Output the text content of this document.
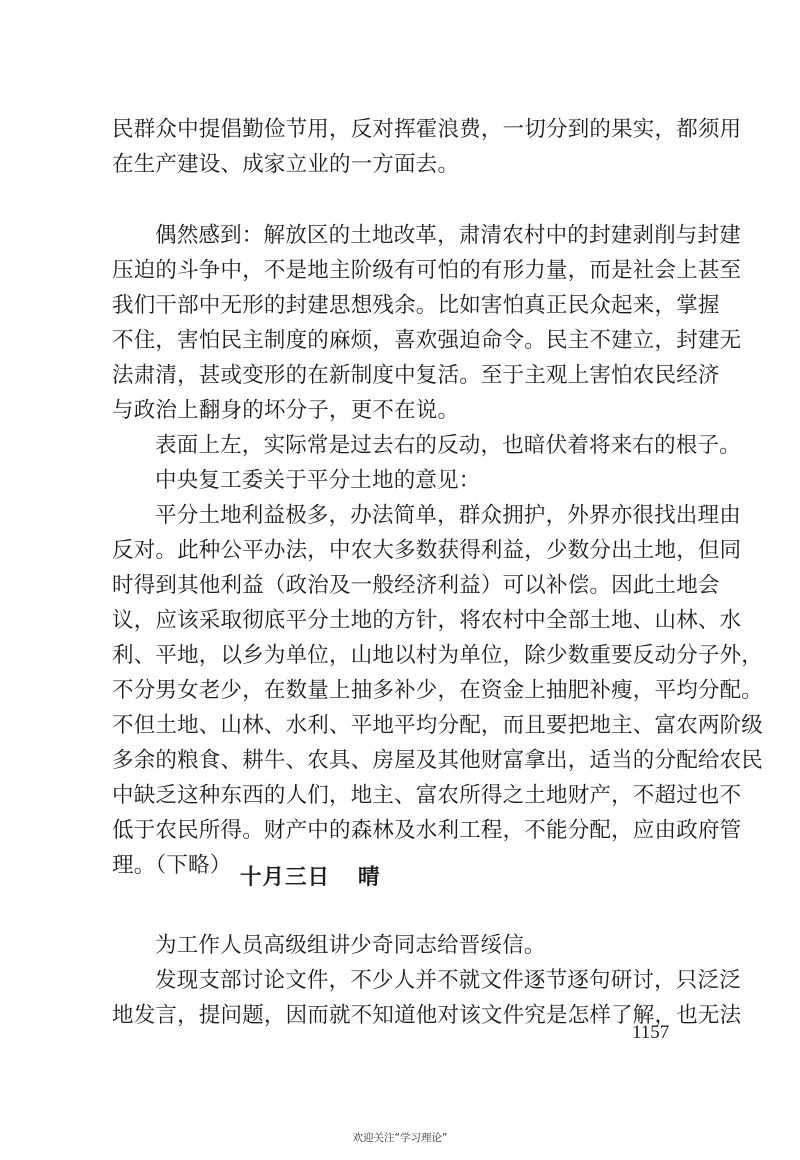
民群众中提倡勤俭节用，反对挥霍浪费，一切分到的果实，都须用
在生产建设、成家立业的一方面去。
偶然感到：解放区的土地改革，肃清农村中的封建剥削与封建
压迫的斗争中，不是地主阶级有可怕的有形力量，而是社会上甚至
我们干部中无形的封建思想残余。比如害怕真正民众起来，掌握
不住，害怕民主制度的麻烦，喜欢强迫命令。民主不建立，封建无
法肃清，甚或变形的在新制度中复活。至于主观上害怕农民经济
与政治上翻身的坏分子，更不在说。
表面上左，实际常是过去右的反动，也暗伏着将来右的根子。
中央复工委关于平分土地的意见：
平分土地利益极多，办法简单，群众拥护，外界亦很找出理由
反对。此种公平办法，中农大多数获得利益，少数分出土地，但同
时得到其他利益（政治及一般经济利益）可以补偿。因此土地会
议，应该采取彻底平分土地的方针，将农村中全部土地、山林、水
利、平地，以乡为单位，山地以村为单位，除少数重要反动分子外，
不分男女老少，在数量上抽多补少，在资金上抽肥补瘦，平均分配。
不但土地、山林、水利、平地平均分配，而且要把地主、富农两阶级
多余的粮食、耕牛、农具、房屋及其他财富拿出，适当的分配给农民
中缺乏这种东西的人们，地主、富农所得之土地财产，不超过也不
低于农民所得。财产中的森林及水利工程，不能分配，应由政府管
理。（下略） 十月三日 晴
为工作人员高级组讲少奇同志给晋绥信。
发现支部讨论文件，不少人并不就文件逐节逐句研讨，只泛泛
地发言，提问题，因而就不知道他对该文件究是怎样了解，也无法
1157
欢迎关注“学习理论”
